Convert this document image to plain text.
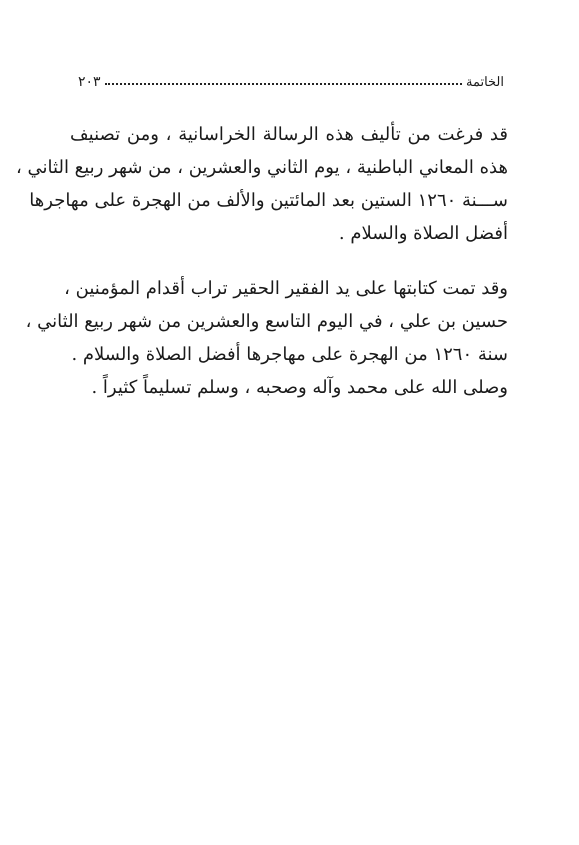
الخاتمة
٢٠٣
قد فرغت من تأليف هذه الرسالة الخراسانية ، ومن تصنيف
هذه المعاني الباطنية ، يوم الثاني والعشرين ، من شهر ربيع الثاني ،
ســـنة ١٢٦٠ الستين بعد المائتين والألف من الهجرة على مهاجرها
أفضل الصلاة والسلام .
وقد تمت كتابتها على يد الفقير الحقير تراب أقدام المؤمنين ،
حسين بن علي ، في اليوم التاسع والعشرين من شهر ربيع الثاني ،
سنة ١٢٦٠ من الهجرة على مهاجرها أفضل الصلاة والسلام .
وصلى الله على محمد وآله وصحبه ، وسلم تسليماً كثيراً .
